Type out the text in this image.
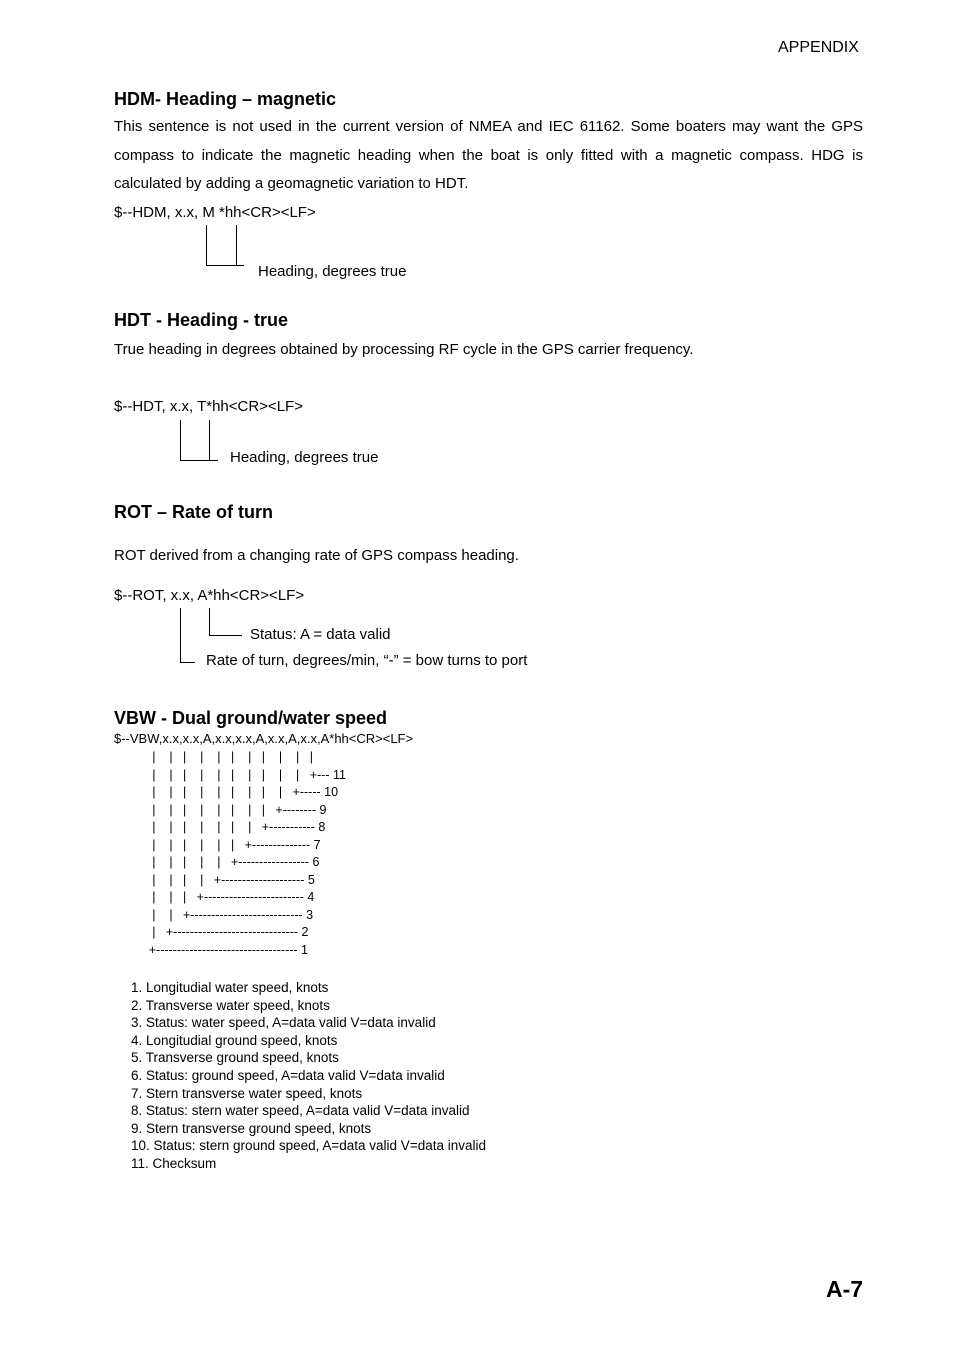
APPENDIX
HDM- Heading – magnetic
This sentence is not used in the current version of NMEA and IEC 61162. Some boaters may want the GPS compass to indicate the magnetic heading when the boat is only fitted with a magnetic compass. HDG is calculated by adding a geomagnetic variation to HDT.
$--HDM, x.x, M *hh<CR><LF>
Heading, degrees true
HDT - Heading - true
True heading in degrees obtained by processing RF cycle in the GPS carrier frequency.
$--HDT, x.x, T*hh<CR><LF>
Heading, degrees true
ROT – Rate of turn
ROT derived from a changing rate of GPS compass heading.
$--ROT, x.x, A*hh<CR><LF>
Status: A = data valid
Rate of turn, degrees/min, “-” = bow turns to port
VBW - Dual ground/water speed
$--VBW,x.x,x.x,A,x.x,x.x,A,x.x,A,x.x,A*hh<CR><LF>
|    |   |    |    |   |    |   |    |    |   |
|    |   |    |    |   |    |   |    |    |   +--- 11
|    |   |    |    |   |    |   |    |   +----- 10
|    |   |    |    |   |    |   |   +-------- 9
|    |   |    |    |   |    |   +----------- 8
|    |   |    |    |   |   +-------------- 7
|    |   |    |    |   +----------------- 6
|    |   |    |   +-------------------- 5
|    |   |   +------------------------ 4
|    |   +--------------------------- 3
|   +------------------------------ 2
+---------------------------------- 1
1. Longitudial water speed, knots
2. Transverse water speed, knots
3. Status: water speed, A=data valid V=data invalid
4. Longitudial ground speed, knots
5. Transverse ground speed, knots
6. Status: ground speed, A=data valid V=data invalid
7. Stern transverse water speed, knots
8. Status: stern water speed, A=data valid V=data invalid
9. Stern transverse ground speed, knots
10. Status: stern ground speed, A=data valid V=data invalid
11. Checksum
A-7
